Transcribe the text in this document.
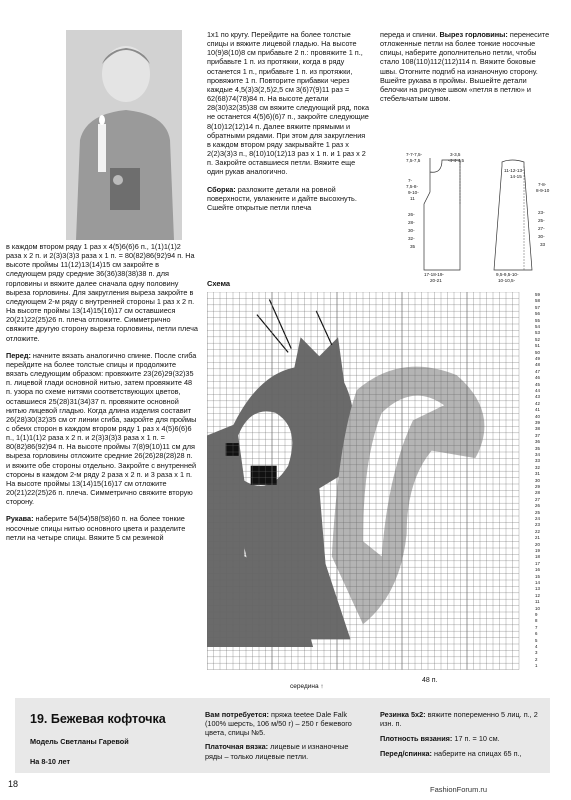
в каждом втором ряду 1 раз х 4(5)6(6)6 п., 1(1)1(1)2 раза х 2 п. и 2(3)3(3)3 раза х 1 п. = 80(82)86(92)94 п. На высоте проймы 11(12)13(14)15 см закройте в следующем ряду средние 36(36)38(38)38 п. для горловины и вяжите далее сначала одну половину выреза горловины. Для закругления выреза закройте в следующем 2-м ряду с внутренней стороны 1 раз х 2 п. На высоте проймы 13(14)15(16)17 см оставшиеся 20(21)22(25)26 п. плеча отложите. Симметрично свяжите другую сторону выреза горловины, петли плеча отложите.

Перед: начните вязать аналогично спинке. После сгиба перейдите на более толстые спицы и продолжите вязать следующим образом: провяжите 23(26)29(32)35 п. лицевой глади основной нитью, затем провяжите 48 п. узора по схеме нитями соответствующих цветов, оставшиеся 25(28)31(34)37 п. провяжите основной нитью лицевой гладью. Когда длина изделия составит 26(28)30(32)35 см от линии сгиба, закройте для проймы с обеих сторон в каждом втором ряду 1 раз х 4(5)6(6)6 п., 1(1)1(1)2 раза х 2 п. и 2(3)3(3)3 раза х 1 п. = 80(82)86(92)94 п. На высоте проймы 7(8)9(10)11 см для выреза горловины отложите средние 26(26)28(28)28 п. и вяжите обе стороны отдельно. Закройте с внутренней стороны в каждом 2-м ряду 2 раза х 2 п. и 3 раза х 1 п. На высоте проймы 13(14)15(16)17 см отложите 20(21)22(25)26 п. плеча. Симметрично свяжите вторую сторону.

Рукава: наберите 54(54)58(58)60 п. на более тонкие носочные спицы нитью основного цвета и разделите петли на четыре спицы. Вяжите 5 см резинкой

1x1 по кругу. Перейдите на более толстые спицы и вяжите лицевой гладью. На высоте 10(9)8(10)8 см прибавьте 2 п.: провяжите 1 п., прибавьте 1 п. из протяжки, когда в ряду останется 1 п., прибавьте 1 п. из протяжки, провяжите 1 п. Повторите прибавки через каждые 4,5(3)3(2,5)2,5 см 3(6)7(9)11 раз = 62(68)74(78)84 п. На высоте детали 28(30)32(35)38 см вяжите следующий ряд, пока не останется 4(5)6)(6)7 п., закройте следующие 8(10)12(12)14 п. Далее вяжите прямыми и обратными рядами. При этом для закругления в каждом втором ряду закрывайте 1 раз х 2(2)3(3)3 п., 8(10)10(12)13 раз х 1 п. и 1 раз х 2 п. Закройте оставшиеся петли. Вяжите еще один рукав аналогично.

Сборка: разложите детали на ровной поверхности, увлажните и дайте высохнуть. Сшейте открытые петли плеча

переда и спинки. Вырез горловины: перенесите отложенные петли на более тонкие носочные спицы, наберите дополнительно петли, чтобы стало 108(110)112(112)114 п. Вяжите боковые швы. Отогните подгиб на изнаночную сторону. Вшейте рукава в проймы. Вышейте детали белочки на рисунке швом «петля в петлю» и стебельчатым швом.

7-7-7,5-
7,5-7,5
3-3,5
-4-4-4,5
7-
7,5-8-
9-10-
11
26-
28-
30-
32-
35
17-18-19-
20-21
11-12-13-
14-15
7-8-
8-9-10
23-
25-
27-
30-
33
9,5-9,5-10-
10-10,5-
Схема
59
58
57
56
55
54
53
52
51
50
49
48
47
46
45
44
43
42
41
40
39
38
37
36
35
34
33
32
31
30
29
28
27
26
25
24
23
22
21
20
19
18
17
16
15
14
13
12
11
10
9
8
7
6
5
4
3
2
1
середина ↑
48 п.
19. Бежевая кофточка
Модель Светланы Гаревой
На 8-10 лет

Вам потребуется: пряжа teetee Dale Falk (100% шерсть, 106 м/50 г) – 250 г бежевого цвета, спицы №5.

Платочная вязка: лицевые и изнаночные ряды – только лицевые петли.

Резинка 5х2: вяжите попеременно 5 лиц. п., 2 изн. п.

Плотность вязания: 17 п. = 10 см.

Перед/спинка: наберите на спицах 65 п.,

18
FashionForum.ru
